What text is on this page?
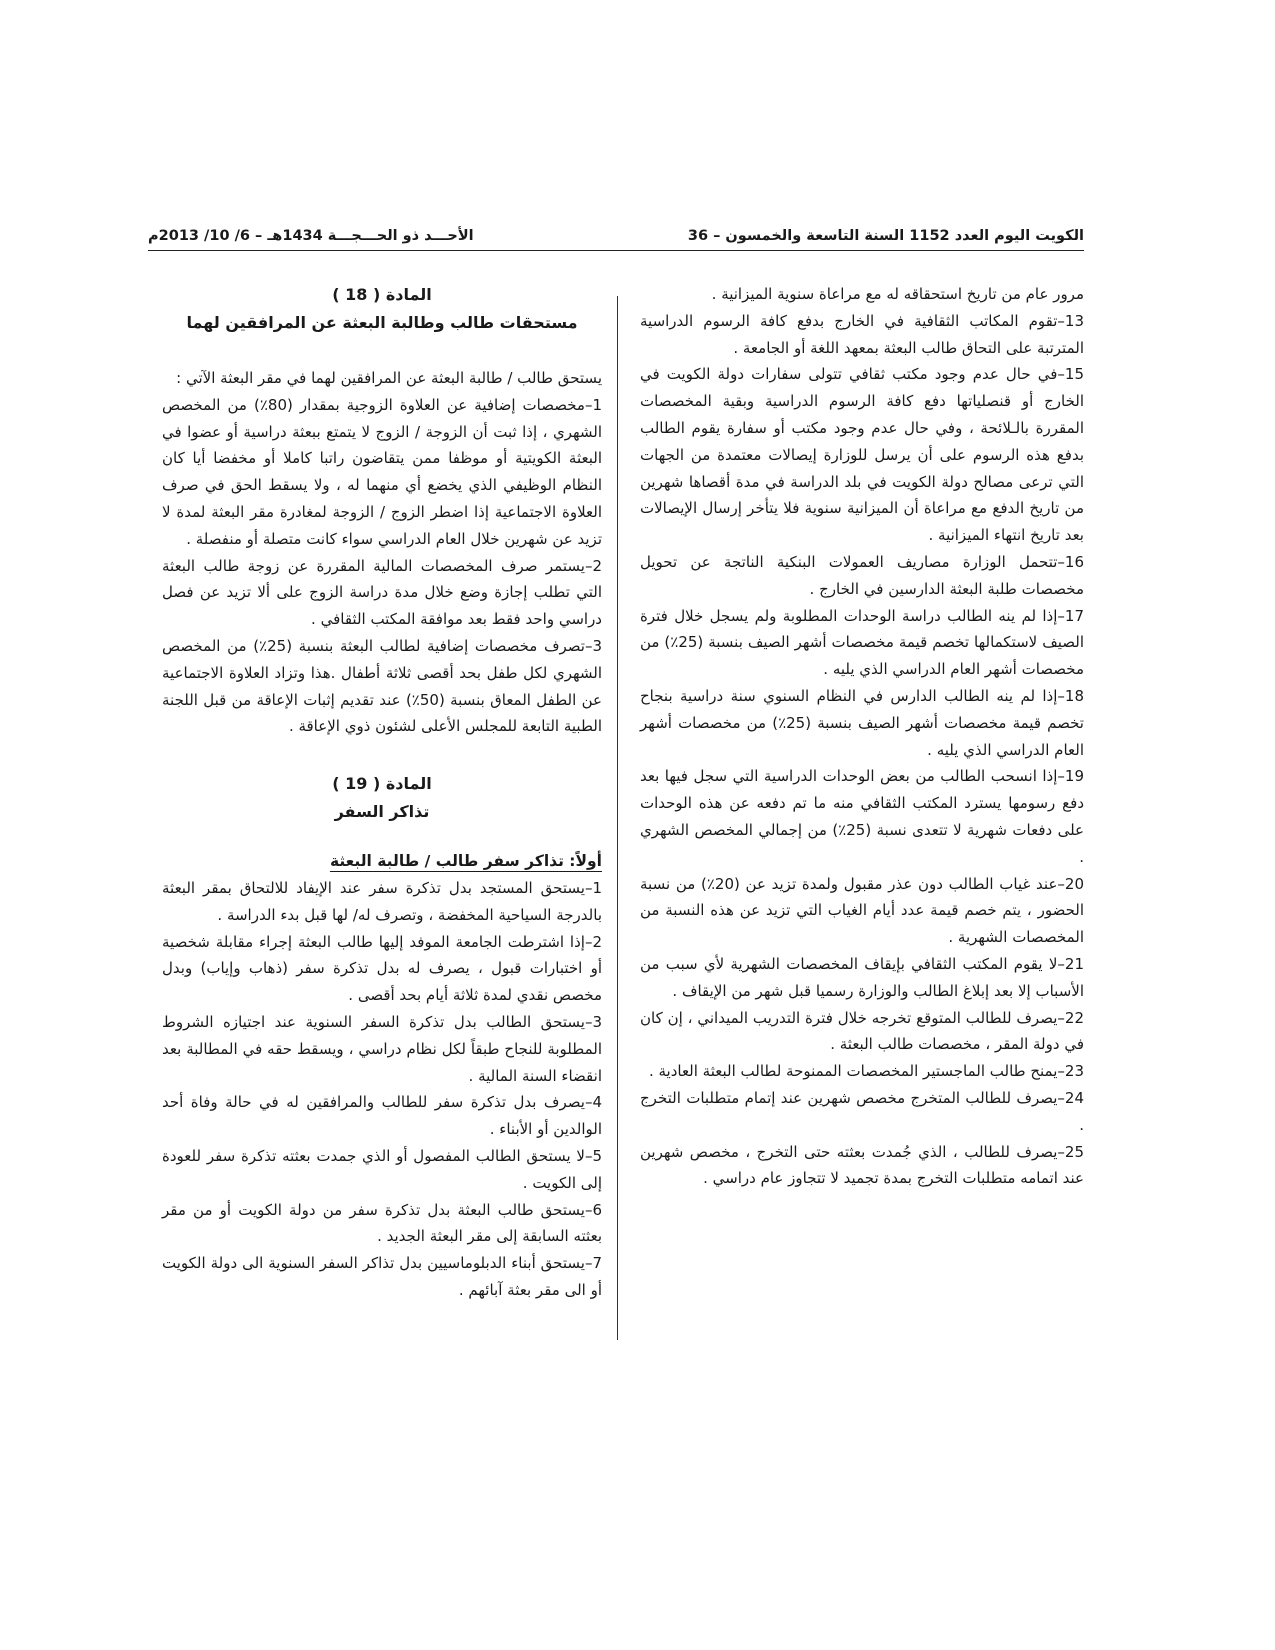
الكويت اليوم العدد 1152 السنة التاسعة والخمسون – 36
الأحـــد ذو الحـــجـــة 1434هـ – 6/ 10/ 2013م

مرور عام من تاريخ استحقاقه له مع مراعاة سنوية الميزانية .

13–تقوم المكاتب الثقافية في الخارج بدفع كافة الرسوم الدراسية المترتبة على التحاق طالب البعثة بمعهد اللغة أو الجامعة .

15–في حال عدم وجود مكتب ثقافي تتولى سفارات دولة الكويت في الخارج أو قنصلياتها دفع كافة الرسوم الدراسية وبقية المخصصات المقررة بالـلائحة ، وفي حال عدم وجود مكتب أو سفارة يقوم الطالب بدفع هذه الرسوم على أن يرسل للوزارة إيصالات معتمدة من الجهات التي ترعى مصالح دولة الكويت في بلد الدراسة في مدة أقصاها شهرين من تاريخ الدفع مع مراعاة أن الميزانية سنوية فلا يتأخر إرسال الإيصالات بعد تاريخ انتهاء الميزانية .

16–تتحمل الوزارة مصاريف العمولات البنكية الناتجة عن تحويل مخصصات طلبة البعثة الدارسين في الخارج .

17–إذا لم ينه الطالب دراسة الوحدات المطلوبة ولم يسجل خلال فترة الصيف لاستكمالها تخصم قيمة مخصصات أشهر الصيف بنسبة (25٪) من مخصصات أشهر العام الدراسي الذي يليه .

18–إذا لم ينه الطالب الدارس في النظام السنوي سنة دراسية بنجاح تخصم قيمة مخصصات أشهر الصيف بنسبة (25٪) من مخصصات أشهر العام الدراسي الذي يليه .

19–إذا انسحب الطالب من بعض الوحدات الدراسية التي سجل فيها بعد دفع رسومها يسترد المكتب الثقافي منه ما تم دفعه عن هذه الوحدات على دفعات شهرية لا تتعدى نسبة (25٪) من إجمالي المخصص الشهري .

20–عند غياب الطالب دون عذر مقبول ولمدة تزيد عن (20٪) من نسبة الحضور ، يتم خصم قيمة عدد أيام الغياب التي تزيد عن هذه النسبة من المخصصات الشهرية .

21–لا يقوم المكتب الثقافي بإيقاف المخصصات الشهرية لأي سبب من الأسباب إلا بعد إبلاغ الطالب والوزارة رسميا قبل شهر من الإيقاف .

22–يصرف للطالب المتوقع تخرجه خلال فترة التدريب الميداني ، إن كان في دولة المقر ، مخصصات طالب البعثة .

23–يمنح طالب الماجستير المخصصات الممنوحة لطالب البعثة العادية .

24–يصرف للطالب المتخرج مخصص شهرين عند إتمام متطلبات التخرج .

25–يصرف للطالب ، الذي جُمدت بعثته حتى التخرج ، مخصص شهرين عند اتمامه متطلبات التخرج بمدة تجميد لا تتجاوز عام دراسي .

المادة ( 18 )

مستحقات طالب وطالبة البعثة عن المرافقين لهما

يستحق طالب / طالبة البعثة عن المرافقين لهما في مقر البعثة الآتي :

1–مخصصات إضافية عن العلاوة الزوجية بمقدار (80٪) من المخصص الشهري ، إذا ثبت أن الزوجة / الزوج لا يتمتع ببعثة دراسية أو عضوا في البعثة الكويتية أو موظفا ممن يتقاضون راتبا كاملا أو مخفضا أيا كان النظام الوظيفي الذي يخضع أي منهما له ، ولا يسقط الحق في صرف العلاوة الاجتماعية إذا اضطر الزوج / الزوجة لمغادرة مقر البعثة لمدة لا تزيد عن شهرين خلال العام الدراسي سواء كانت متصلة أو منفصلة .

2–يستمر صرف المخصصات المالية المقررة عن زوجة طالب البعثة التي تطلب إجازة وضع خلال مدة دراسة الزوج على ألا تزيد عن فصل دراسي واحد فقط بعد موافقة المكتب الثقافي .

3–تصرف مخصصات إضافية لطالب البعثة بنسبة (25٪) من المخصص الشهري لكل طفل بحد أقصى ثلاثة أطفال .هذا وتزاد العلاوة الاجتماعية عن الطفل المعاق بنسبة (50٪) عند تقديم إثبات الإعاقة من قبل اللجنة الطبية التابعة للمجلس الأعلى لشئون ذوي الإعاقة .

المادة ( 19 )

تذاكر السفر

أولاً: تذاكر سفر طالب / طالبة البعثة

1–يستحق المستجد بدل تذكرة سفر عند الإيفاد للالتحاق بمقر البعثة بالدرجة السياحية المخفضة ، وتصرف له/ لها قبل بدء الدراسة .

2–إذا اشترطت الجامعة الموفد إليها طالب البعثة إجراء مقابلة شخصية أو اختبارات قبول ، يصرف له بدل تذكرة سفر (ذهاب وإياب) وبدل مخصص نقدي لمدة ثلاثة أيام بحد أقصى .

3–يستحق الطالب بدل تذكرة السفر السنوية عند اجتيازه الشروط المطلوبة للنجاح طبقاً لكل نظام دراسي ، ويسقط حقه في المطالبة بعد انقضاء السنة المالية .

4–يصرف بدل تذكرة سفر للطالب والمرافقين له في حالة وفاة أحد الوالدين أو الأبناء .

5–لا يستحق الطالب المفصول أو الذي جمدت بعثته تذكرة سفر للعودة إلى الكويت .

6–يستحق طالب البعثة بدل تذكرة سفر من دولة الكويت أو من مقر بعثته السابقة إلى مقر البعثة الجديد .

7–يستحق أبناء الدبلوماسيين بدل تذاكر السفر السنوية الى دولة الكويت أو الى مقر بعثة آبائهم .
